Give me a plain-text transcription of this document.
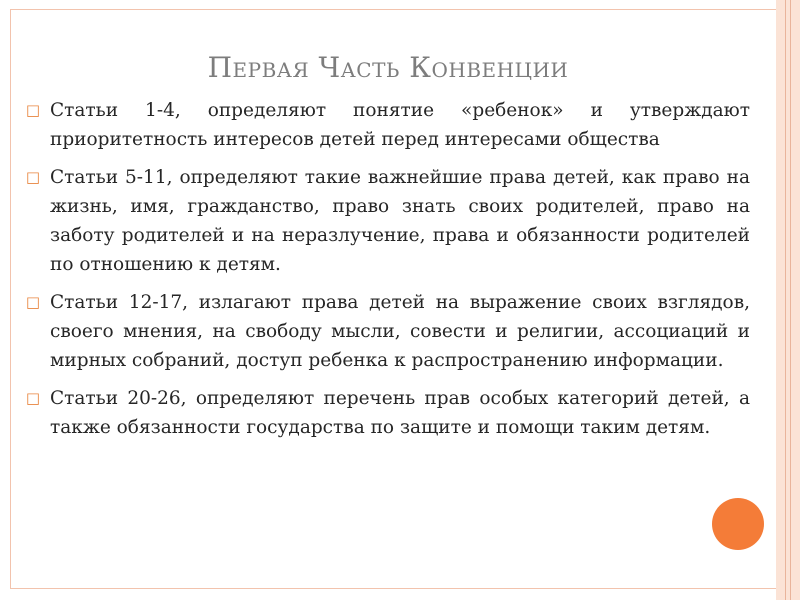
Первая Часть Конвенции
□ Статьи 1-4, определяют понятие «ребенок» и утверждают приоритетность интересов детей перед интересами общества
□ Статьи 5-11, определяют такие важнейшие права детей, как право на жизнь, имя, гражданство, право знать своих родителей, право на заботу родителей и на неразлучение, права и обязанности родителей по отношению к детям.
□ Статьи 12-17, излагают права детей на выражение своих взглядов, своего мнения, на свободу мысли, совести и религии, ассоциаций и мирных собраний, доступ ребенка к распространению информации.
□ Статьи 20-26, определяют перечень прав особых категорий детей, а также обязанности государства по защите и помощи таким детям.
